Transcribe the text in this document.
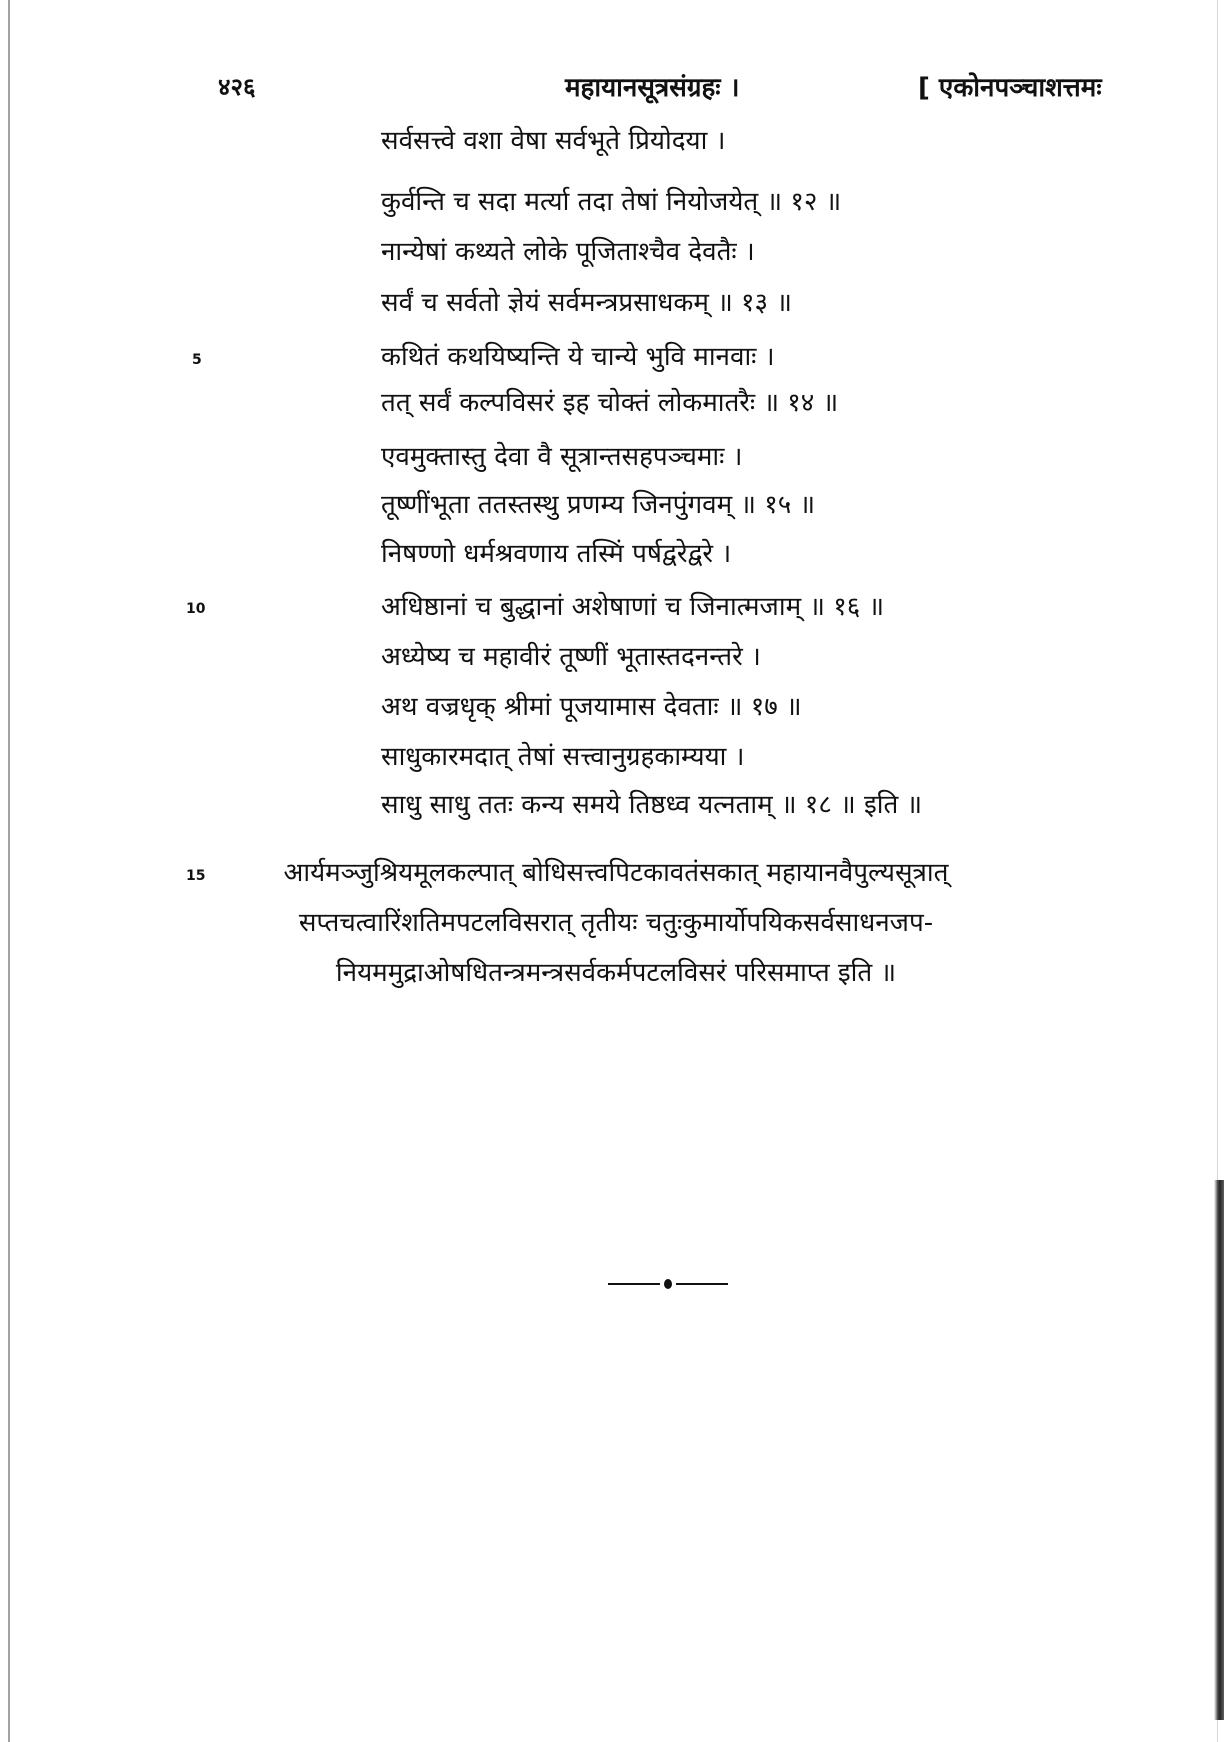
४२६	महायानसूत्रसंग्रहः ।	[ एकोनपञ्चाशत्तमः
सर्वसत्त्वे वशा वेषा सर्वभूते प्रियोदया ।
कुर्वन्ति च सदा मर्त्या तदा तेषां नियोजयेत् ॥ १२ ॥
नान्येषां कथ्यते लोके पूजिताश्चैव देवतैः ।
सर्वं च सर्वतो ज्ञेयं सर्वमन्त्रप्रसाधकम् ॥ १३ ॥
कथितं कथयिष्यन्ति ये चान्ये भुवि मानवाः ।
तत् सर्वं कल्पविसरं इह चोक्तं लोकमातरैः ॥ १४ ॥
एवमुक्तास्तु देवा वै सूत्रान्तसहपञ्चमाः ।
तूष्णींभूता ततस्तस्थु प्रणम्य जिनपुंगवम् ॥ १५ ॥
निषण्णो धर्मश्रवणाय तस्मिं पर्षद्वरेद्वरे ।
अधिष्ठानां च बुद्धानां अशेषाणां च जिनात्मजाम् ॥ १६ ॥
अध्येष्य च महावीरं तूष्णीं भूतास्तदनन्तरे ।
अथ वज्रधृक् श्रीमां पूजयामास देवताः ॥ १७ ॥
साधुकारमदात् तेषां सत्त्वानुग्रहकाम्यया ।
साधु साधु ततः कन्य समये तिष्ठध्व यत्नताम् ॥ १८ ॥ इति ॥
5
10
15	आर्यमञ्जुश्रियमूलकल्पात् बोधिसत्त्वपिटकावतंसकात् महायानवैपुल्यसूत्रात्
सप्तचत्वारिंशतिमपटलविसरात् तृतीयः चतुःकुमार्योपयिकसर्वसाधनजप-
नियममुद्राओषधितन्त्रमन्त्रसर्वकर्मपटलविसरं परिसमाप्त इति ॥
